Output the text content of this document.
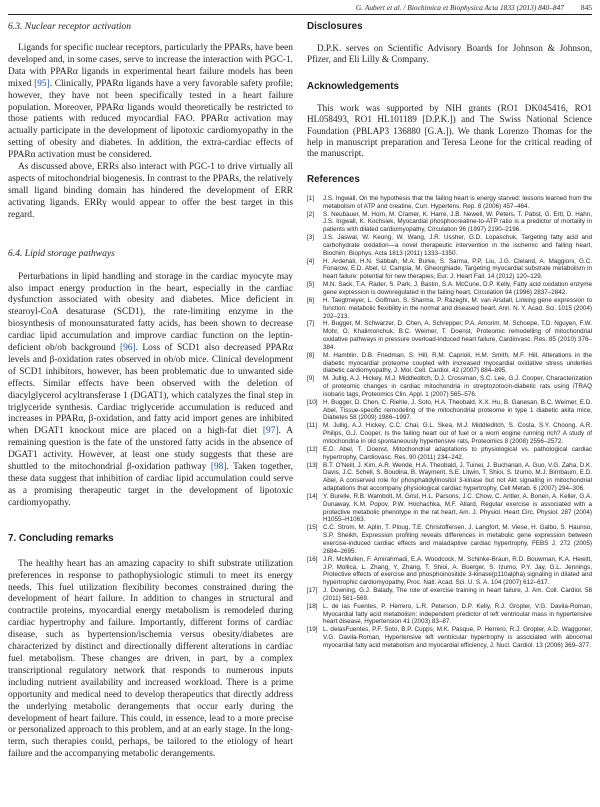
G. Aubert et al. / Biochimica et Biophysica Acta 1833 (2013) 840–847 845
6.3. Nuclear receptor activation

Ligands for specific nuclear receptors, particularly the PPARs, have been developed and, in some cases, serve to increase the interaction with PGC-1. Data with PPARα ligands in experimental heart failure models has been mixed [95]. Clinically, PPARα ligands have a very favorable safety profile; however, they have not been specifically tested in a heart failure population. Moreover, PPARα ligands would theoretically be restricted to those patients with reduced myocardial FAO. PPARα activation may actually participate in the development of lipotoxic cardiomyopathy in the setting of obesity and diabetes. In addition, the extra-cardiac effects of PPARα activation must be considered.

As discussed above, ERRs also interact with PGC-1 to drive virtually all aspects of mitochondrial biogenesis. In contrast to the PPARs, the relatively small ligand binding domain has hindered the development of ERR activating ligands. ERRγ would appear to offer the best target in this regard.

6.4. Lipid storage pathways

Perturbations in lipid handling and storage in the cardiac myocyte may also impact energy production in the heart, especially in the cardiac dysfunction associated with obesity and diabetes. Mice deficient in stearoyl-CoA desaturase (SCD1), the rate-limiting enzyme in the biosynthesis of monounsaturated fatty acids, has been shown to decrease cardiac lipid accumulation and improve cardiac function on the leptin-deficient ob/ob background [96]. Loss of SCD1 also decreased PPARα levels and β-oxidation rates observed in ob/ob mice. Clinical development of SCD1 inhibitors, however, has been problematic due to unwanted side effects. Similar effects have been observed with the deletion of diacylglycerol acyltransferase 1 (DGAT1), which catalyzes the final step in triglyceride synthesis. Cardiac triglyceride accumulation is reduced and increases in PPARα, β-oxidation, and fatty acid import genes are inhibited when DGAT1 knockout mice are placed on a high-fat diet [97]. A remaining question is the fate of the unstored fatty acids in the absence of DGAT1 activity. However, at least one study suggests that these are shuttled to the mitochondrial β-oxidation pathway [98]. Taken together, these data suggest that inhibition of cardiac lipid accumulation could serve as a promising therapeutic target in the development of lipotoxic cardiomyopathy.

7. Concluding remarks

The healthy heart has an amazing capacity to shift substrate utilization preferences in response to pathophysiologic stimuli to meet its energy needs. This fuel utilization flexibility becomes constrained during the development of heart failure. In addition to changes in structural and contractile proteins, myocardial energy metabolism is remodeled during cardiac hypertrophy and failure. Importantly, different forms of cardiac disease, such as hypertension/ischemia versus obesity/diabetes are characterized by distinct and directionally different alterations in cardiac fuel metabolism. These changes are driven, in part, by a complex transcriptional regulatory network that responds to numerous inputs including nutrient availability and increased workload. There is a prime opportunity and medical need to develop therapeutics that directly address the underlying metabolic derangements that occur early during the development of heart failure. This could, in essence, lead to a more precise or personalized approach to this problem, and at an early stage. In the long-term, such therapies could, perhaps, be tailored to the etiology of heart failure and the accompanying metabolic derangements.

Disclosures

D.P.K. serves on Scientific Advisory Boards for Johnson & Johnson, Pfizer, and Eli Lilly & Company.

Acknowledgements

This work was supported by NIH grants (RO1 DK045416, RO1 HL058493, RO1 HL101189 [D.P.K.]) and The Swiss National Science Foundation (PBLAP3 136880 [G.A.]). We thank Lorenzo Thomas for the help in manuscript preparation and Teresa Leone for the critical reading of the manuscript.

References
[1]	J.S. Ingwall, On the hypothesis that the failing heart is energy starved: lessons learned from the metabolism of ATP and creatine, Curr. Hypertens. Rep. 8 (2006) 457–464.
[2]	S. Neubauer, M. Horn, M. Cramer, K. Harre, J.B. Newell, W. Peters, T. Pabst, G. Ertl, D. Hahn, J.S. Ingwall, K. Kochsiek, Myocardial phosphocreatine-to-ATP ratio is a predictor of mortality in patients with dilated cardiomyopathy, Circulation 96 (1997) 2190–2196.
[3]	J.S. Jaswal, W. Keung, W. Wang, J.R. Ussher, G.D. Lopaschuk, Targeting fatty acid and carbohydrate oxidation—a novel therapeutic intervention in the ischemic and failing heart, Biochim. Biophys. Acta 1813 (2011) 1333–1350.
[4]	H. Ardehali, H.N. Sabbah, M.A. Burke, S. Sarma, P.P. Liu, J.G. Cleland, A. Maggioni, G.C. Fonarow, E.D. Abel, U. Campia, M. Gheorghiade, Targeting myocardial substrate metabolism in heart failure: potential for new therapies, Eur. J. Heart Fail. 14 (2012) 120–129.
[5]	M.N. Sack, T.A. Rader, S. Park, J. Bastin, S.A. McCune, D.P. Kelly, Fatty acid oxidation enzyme gene expression is downregulated in the failing heart, Circulation 94 (1996) 2837–2842.
[6]	H. Taegtmeyer, L. Golfman, S. Sharma, P. Razeghi, M. van Arsdall, Linking gene expression to function: metabolic flexibility in the normal and diseased heart, Ann. N. Y. Acad. Sci. 1015 (2004) 202–213.
[7]	H. Bugger, M. Schwarzer, D. Chen, A. Schrepper, P.A. Amorim, M. Schoepe, T.D. Nguyen, F.W. Mohr, O. Khalimonchuk, B.C. Weimer, T. Doenst, Proteomic remodelling of mitochondrial oxidative pathways in pressure overload-induced heart failure, Cardiovasc. Res. 85 (2010) 376–384.
[8]	M. Hamblin, D.B. Friedman, S. Hill, R.M. Caprioli, H.M. Smith, M.F. Hill, Alterations in the diabetic myocardial proteome coupled with increased myocardial oxidative stress underlies diabetic cardiomyopathy, J. Mol. Cell. Cardiol. 42 (2007) 884–895.
[9]	M. Jullig, A.J. Hickey, M.J. Middleditch, D.J. Crossman, S.C. Lee, G.J. Cooper, Characterization of proteomic changes in cardiac mitochondria in streptozotocin-diabetic rats using iTRAQ isobaric tags, Proteomics Clin. Appl. 1 (2007) 565–576.
[10] H. Bugger, D. Chen, C. Riehle, J. Soto, H.A. Theobald, X.X. Hu, B. Ganesan, B.C. Weimer, E.D. Abel, Tissue-specific remodeling of the mitochondrial proteome in type 1 diabetic akita mice, Diabetes 58 (2009) 1986–1997.
[11] M. Jullig, A.J. Hickey, C.C. Chai, G.L. Skea, M.J. Middleditch, S. Costa, S.Y. Choong, A.R. Philips, G.J. Cooper, Is the failing heart out of fuel or a worn engine running rich? A study of mitochondria in old spontaneously hypertensive rats, Proteomics 8 (2008) 2556–2572.
[12] E.D. Abel, T. Doenst, Mitochondrial adaptations to physiological vs. pathological cardiac hypertrophy, Cardiovasc. Res. 90 (2011) 234–242.
[13] B.T. O'Neill, J. Kim, A.R. Wende, H.A. Theobald, J. Tuinei, J. Buchanan, A. Guo, V.G. Zaha, D.K. Davis, J.C. Schell, S. Boudina, B. Wayment, S.E. Litwin, T. Shioi, S. Izumo, M.J. Birnbaum, E.D. Abel, A conserved role for phosphatidylinositol 3-kinase but not Akt signaling in mitochondrial adaptations that accompany physiological cardiac hypertrophy, Cell Metab. 6 (2007) 294–306.
[14] Y. Burelle, R.B. Wambolt, M. Grist, H.L. Parsons, J.C. Chow, C. Antler, A. Bonen, A. Keller, G.A. Dunaway, K.M. Popov, P.W. Hochachka, M.F. Allard, Regular exercise is associated with a protective metabolic phenotype in the rat heart, Am. J. Physiol. Heart Circ. Physiol. 287 (2004) H1055–H1063.
[15] C.C. Strom, M. Aplin, T. Ploug, T.E. Christoffersen, J. Langfort, M. Viese, H. Galbo, S. Haunso, S.P. Sheikh, Expression profiling reveals differences in metabolic gene expression between exercise-induced cardiac effects and maladaptive cardiac hypertrophy, FEBS J. 272 (2005) 2684–2695.
[16] J.R. McMullen, F. Amirahmadi, E.A. Woodcock, M. Schinke-Braun, R.D. Bouwman, K.A. Hewitt, J.P. Mollica, L. Zhang, Y. Zhang, T. Shioi, A. Buerger, S. Izumo, P.Y. Jay, G.L. Jennings, Protective effects of exercise and phosphoinositide 3-kinase(p110alpha) signaling in dilated and hypertrophic cardiomyopathy, Proc. Natl. Acad. Sci. U. S. A. 104 (2007) 612–617.
[17] J. Downing, G.J. Balady, The role of exercise training in heart failure, J. Am. Coll. Cardiol. 58 (2011) 561–569.
[18] L. de las Fuentes, P. Herrero, L.R. Peterson, D.P. Kelly, R.J. Gropler, V.G. Davila-Roman, Myocardial fatty acid metabolism: independent predictor of left ventricular mass in hypertensive heart disease, Hypertension 41 (2003) 83–87.
[19] L. delasFuentes, P.F. Soto, B.P. Cupps, M.K. Pasque, P. Herrero, R.J. Gropler, A.D. Waggoner, V.G. Davila-Roman, Hypertensive left ventricular hypertrophy is associated with abnormal myocardial fatty acid metabolism and myocardial efficiency, J. Nucl. Cardiol. 13 (2006) 369–377.
